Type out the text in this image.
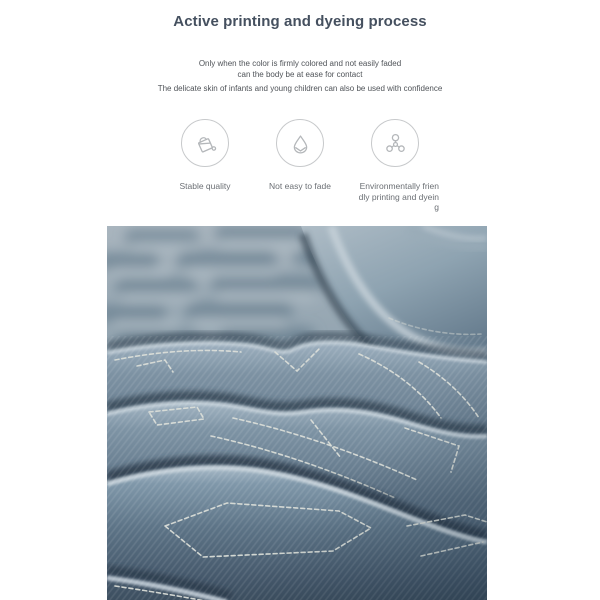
Active printing and dyeing process

Only when the color is firmly colored and not easily faded
can the body be at ease for contact

The delicate skin of infants and young children can also be used with confidence

Stable quality	Not easy to fade	Environmentally frien
dly printing and dyein
g
